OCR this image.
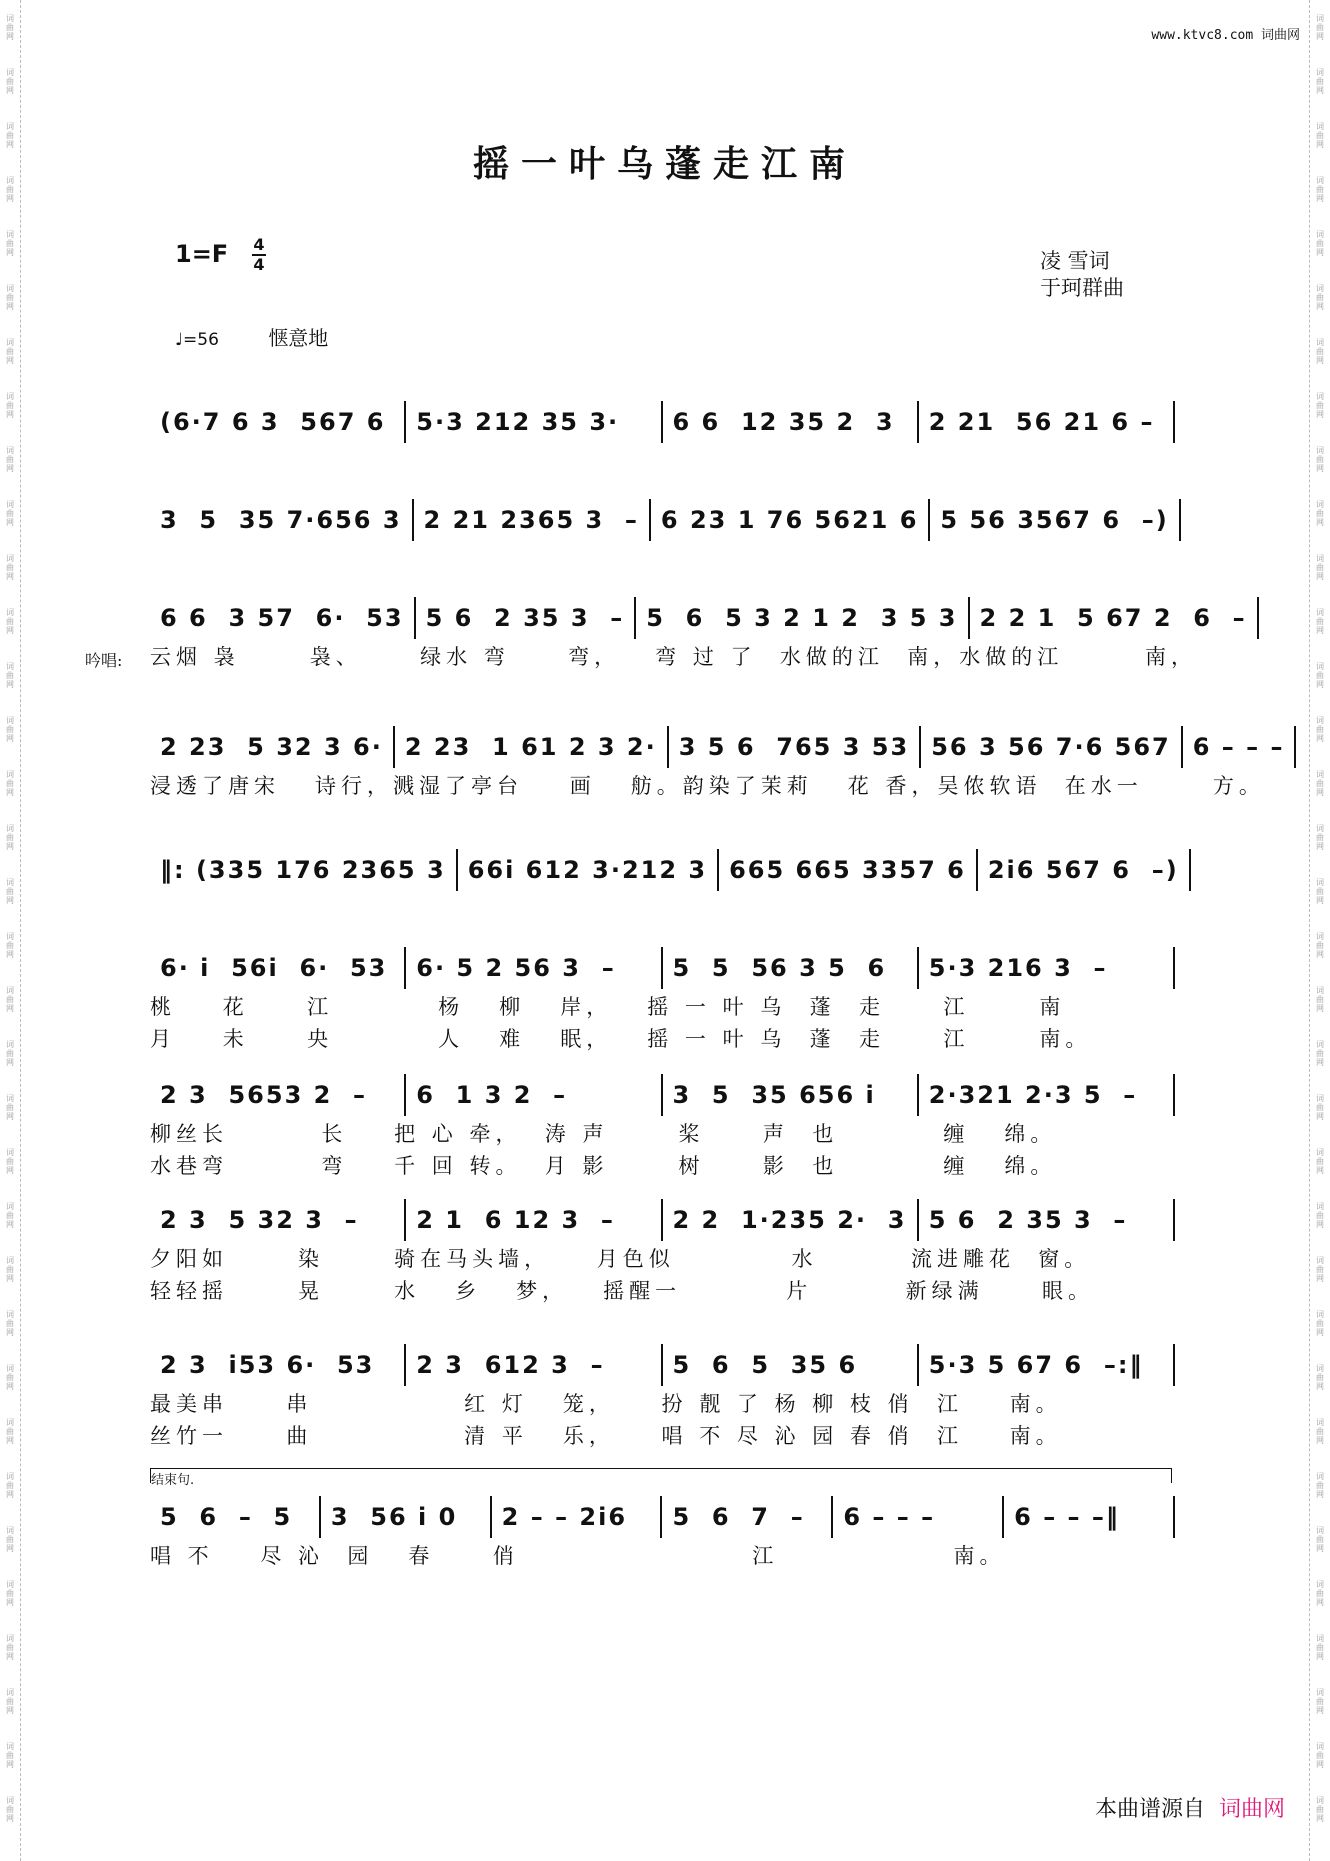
词曲网
词曲网
词曲网
词曲网
词曲网
词曲网
词曲网
词曲网
词曲网
词曲网
词曲网
词曲网
词曲网
词曲网
词曲网
词曲网
词曲网
词曲网
词曲网
词曲网
词曲网
词曲网
词曲网
词曲网
词曲网
词曲网
词曲网
词曲网
词曲网
词曲网
词曲网
词曲网
词曲网
词曲网
词曲网
词曲网
词曲网
词曲网
词曲网
词曲网
词曲网
词曲网
词曲网
词曲网
词曲网
词曲网
词曲网
词曲网
词曲网
词曲网
词曲网
词曲网
词曲网
词曲网
词曲网
词曲网
词曲网
词曲网
词曲网
词曲网
词曲网
词曲网
词曲网
词曲网
词曲网
词曲网
词曲网
词曲网
www.ktvc8.com 词曲网
摇一叶乌蓬走江南
1=F 4
4	凌 雪词
于珂群曲
♩=56 惬意地
结束句.
(6·7 6 3  567 6	5·3 212 35 3·	6 6  12 35 2  3	2 21  56 21 6 –
3  5  35 7·656 3 2 21 2365 3  – 6 23 1 76 5621 6 5 56 3567 6  –)
6 6  3 57  6·  53 5 6  2 35 3  – 5  6  5 3 2 1 2  3 5 3 2 2 1  5 67 2  6  –
吟唱: 云烟 袅      袅、     绿水 弯     弯，   弯 过 了  水做的江  南，水做的江       南，
2 23  5 32 3 6· 2 23  1 61 2 3 2· 3 5 6  765 3 53 56 3 56 7·6 567 6 – – –
浸透了唐宋   诗行，溅湿了亭台    画   舫。韵染了茉莉   花 香，吴侬软语  在水一      方。
‖: (335 176 2365 3 66i 612 3·212 3 665 665 3357 6 2i6 567 6  –)
6· i  56i  6·  53	6· 5 2 56 3  –	5  5  56 3 5  6	5·3 216 3  –
桃    花     江         杨   柳   岸，   摇 一 叶 乌  蓬  走     江      南
月    未     央         人   难   眠，   摇 一 叶 乌  蓬  走     江      南。
2 3  5653 2  –	6  1 3 2  –	3  5  35 656 i	2·321 2·3 5  –
柳丝长        长    把 心 牵，  涛 声      桨     声  也         缠   绵。
水巷弯        弯    千 回 转。  月 影      树     影  也         缠   绵。
2 3  5 32 3  –	2 1  6 12 3  –	2 2  1·235 2·  3 5 6  2 35 3  –
夕阳如      染      骑在马头墙，    月色似          水        流进雕花  窗。
轻轻摇      晃      水   乡   梦，   摇醒一         片        新绿满     眼。
2 3  i53 6·  53	2 3  612 3  –	5  6  5  35 6	5·3 5 67 6  –:‖
最美串     串             红 灯   笼，    扮 靓 了 杨 柳 枝 俏  江    南。
丝竹一     曲             清 平   乐，    唱 不 尽 沁 园 春 俏  江    南。
5  6  –  5	3  56 i 0	2 – – 2i6	5  6  7  –	6 – – –	6 – – –‖
唱 不    尽 沁  园   春     俏                    江               南。
本曲谱源自 词曲网
